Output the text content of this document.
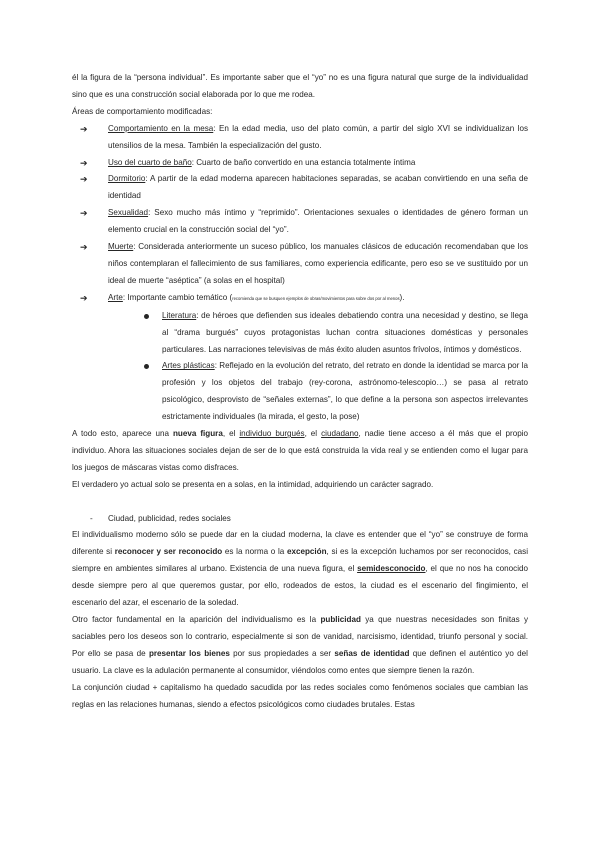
él la figura de la “persona individual”. Es importante saber que el “yo” no es una figura natural que surge de la individualidad sino que es una construcción social elaborada por lo que me rodea.

Áreas de comportamiento modificadas:

➔	Comportamiento en la mesa: En la edad media, uso del plato común, a partir del siglo XVI se individualizan los utensilios de la mesa. También la especialización del gusto.
➔	Uso del cuarto de baño: Cuarto de baño convertido en una estancia totalmente íntima
➔	Dormitorio: A partir de la edad moderna aparecen habitaciones separadas, se acaban convirtiendo en una seña de identidad
➔	Sexualidad: Sexo mucho más íntimo y “reprimido”. Orientaciones sexuales o identidades de género forman un elemento crucial en la construcción social del “yo”.
➔	Muerte: Considerada anteriormente un suceso público, los manuales clásicos de educación recomendaban que los niños contemplaran el fallecimiento de sus familiares, como experiencia edificante, pero eso se ve sustituido por un ideal de muerte “aséptica” (a solas en el hospital)
➔	Arte: Importante cambio temático (recomienda que se busquen ejemplos de obras/movimientos para sobre dos por al menos).
Literatura: de héroes que defienden sus ideales debatiendo contra una necesidad y destino, se llega al “drama burgués” cuyos protagonistas luchan contra situaciones domésticas y personales particulares. Las narraciones televisivas de más éxito aluden asuntos frívolos, íntimos y domésticos.
Artes plásticas: Reflejado en la evolución del retrato, del retrato en donde la identidad se marca por la profesión y los objetos del trabajo (rey-corona, astrónomo-telescopio…) se pasa al retrato psicológico, desprovisto de “señales externas”, lo que define a la persona son aspectos irrelevantes estrictamente individuales (la mirada, el gesto, la pose)

A todo esto, aparece una nueva figura, el individuo burgués, el ciudadano, nadie tiene acceso a él más que el propio individuo. Ahora las situaciones sociales dejan de ser de lo que está construida la vida real y se entienden como el lugar para los juegos de máscaras vistas como disfraces.

El verdadero yo actual solo se presenta en a solas, en la intimidad, adquiriendo un carácter sagrado.

- Ciudad, publicidad, redes sociales

El individualismo moderno sólo se puede dar en la ciudad moderna, la clave es entender que el “yo” se construye de forma diferente si reconocer y ser reconocido es la norma o la excepción, si es la excepción luchamos por ser reconocidos, casi siempre en ambientes similares al urbano. Existencia de una nueva figura, el semidesconocido, el que no nos ha conocido desde siempre pero al que queremos gustar, por ello, rodeados de estos, la ciudad es el escenario del fingimiento, el escenario del azar, el escenario de la soledad.

Otro factor fundamental en la aparición del individualismo es la publicidad ya que nuestras necesidades son finitas y saciables pero los deseos son lo contrario, especialmente si son de vanidad, narcisismo, identidad, triunfo personal y social. Por ello se pasa de presentar los bienes por sus propiedades a ser señas de identidad que definen el auténtico yo del usuario. La clave es la adulación permanente al consumidor, viéndolos como entes que siempre tienen la razón.

La conjunción ciudad + capitalismo ha quedado sacudida por las redes sociales como fenómenos sociales que cambian las reglas en las relaciones humanas, siendo a efectos psicológicos como ciudades brutales. Estas
